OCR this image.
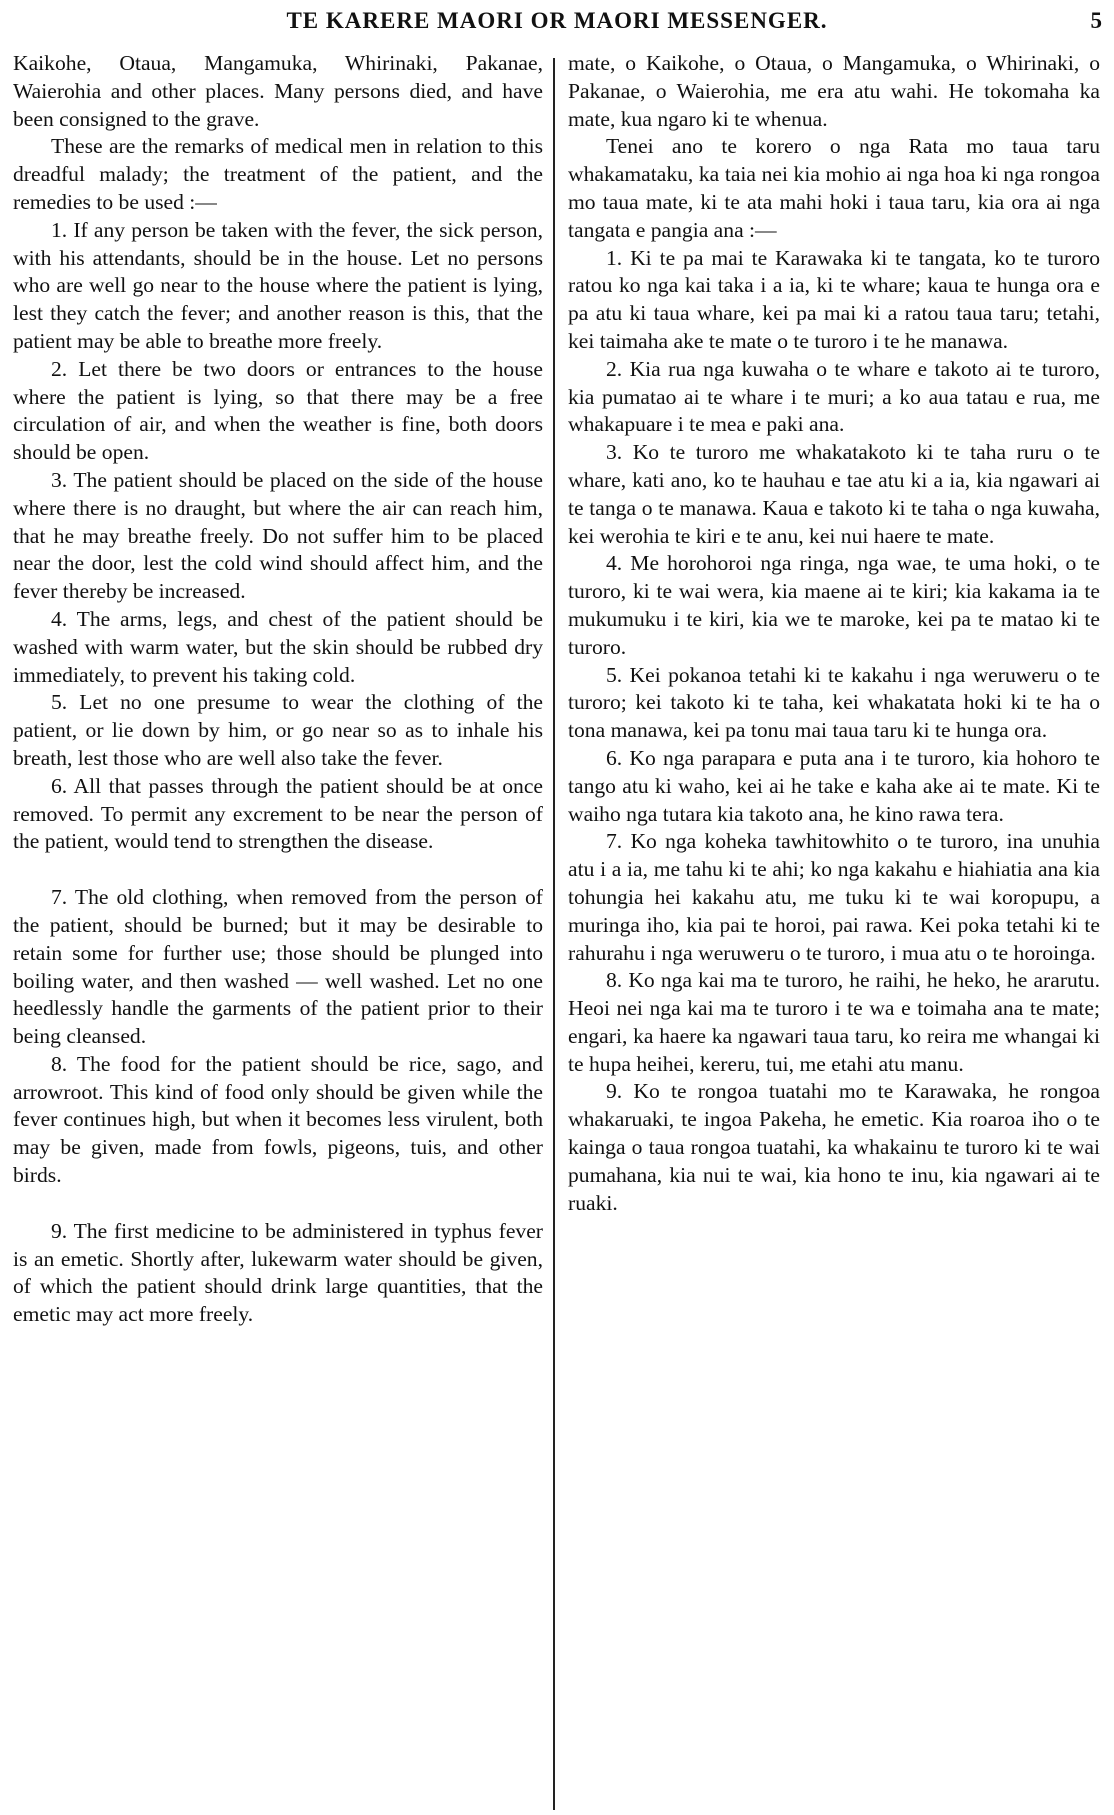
TE KARERE MAORI OR MAORI MESSENGER.	5

Kaikohe, Otaua, Mangamuka, Whirinaki, Pakanae, Waierohia and other places. Many persons died, and have been consigned to the grave.

These are the remarks of medical men in relation to this dreadful malady; the treatment of the patient, and the remedies to be used :—

1. If any person be taken with the fever, the sick person, with his attendants, should be in the house. Let no persons who are well go near to the house where the patient is lying, lest they catch the fever; and another reason is this, that the patient may be able to breathe more freely.

2. Let there be two doors or entrances to the house where the patient is lying, so that there may be a free circulation of air, and when the weather is fine, both doors should be open.

3. The patient should be placed on the side of the house where there is no draught, but where the air can reach him, that he may breathe freely. Do not suffer him to be placed near the door, lest the cold wind should affect him, and the fever thereby be increased.

4. The arms, legs, and chest of the patient should be washed with warm water, but the skin should be rubbed dry immediately, to prevent his taking cold.

5. Let no one presume to wear the clothing of the patient, or lie down by him, or go near so as to inhale his breath, lest those who are well also take the fever.

6. All that passes through the patient should be at once removed. To permit any excrement to be near the person of the patient, would tend to strengthen the disease.

7. The old clothing, when removed from the person of the patient, should be burned; but it may be desirable to retain some for further use; those should be plunged into boiling water, and then washed — well washed. Let no one heedlessly handle the garments of the patient prior to their being cleansed.

8. The food for the patient should be rice, sago, and arrowroot. This kind of food only should be given while the fever continues high, but when it becomes less virulent, both may be given, made from fowls, pigeons, tuis, and other birds.

9. The first medicine to be administered in typhus fever is an emetic. Shortly after, lukewarm water should be given, of which the patient should drink large quantities, that the emetic may act more freely.

mate, o Kaikohe, o Otaua, o Mangamuka, o Whirinaki, o Pakanae, o Waierohia, me era atu wahi. He tokomaha ka mate, kua ngaro ki te whenua.

Tenei ano te korero o nga Rata mo taua taru whakamataku, ka taia nei kia mohio ai nga hoa ki nga rongoa mo taua mate, ki te ata mahi hoki i taua taru, kia ora ai nga tangata e pangia ana :—

1. Ki te pa mai te Karawaka ki te tangata, ko te turoro ratou ko nga kai taka i a ia, ki te whare; kaua te hunga ora e pa atu ki taua whare, kei pa mai ki a ratou taua taru; tetahi, kei taimaha ake te mate o te turoro i te he manawa.

2. Kia rua nga kuwaha o te whare e takoto ai te turoro, kia pumatao ai te whare i te muri; a ko aua tatau e rua, me whakapuare i te mea e paki ana.

3. Ko te turoro me whakatakoto ki te taha ruru o te whare, kati ano, ko te hauhau e tae atu ki a ia, kia ngawari ai te tanga o te manawa. Kaua e takoto ki te taha o nga kuwaha, kei werohia te kiri e te anu, kei nui haere te mate.

4. Me horohoroi nga ringa, nga wae, te uma hoki, o te turoro, ki te wai wera, kia maene ai te kiri; kia kakama ia te mukumuku i te kiri, kia we te maroke, kei pa te matao ki te turoro.

5. Kei pokanoa tetahi ki te kakahu i nga weruweru o te turoro; kei takoto ki te taha, kei whakatata hoki ki te ha o tona manawa, kei pa tonu mai taua taru ki te hunga ora.

6. Ko nga parapara e puta ana i te turoro, kia hohoro te tango atu ki waho, kei ai he take e kaha ake ai te mate. Ki te waiho nga tutara kia takoto ana, he kino rawa tera.

7. Ko nga koheka tawhitowhito o te turoro, ina unuhia atu i a ia, me tahu ki te ahi; ko nga kakahu e hiahiatia ana kia tohungia hei kakahu atu, me tuku ki te wai koropupu, a muringa iho, kia pai te horoi, pai rawa. Kei poka tetahi ki te rahurahu i nga weruweru o te turoro, i mua atu o te horoinga.

8. Ko nga kai ma te turoro, he raihi, he heko, he ararutu. Heoi nei nga kai ma te turoro i te wa e toimaha ana te mate; engari, ka haere ka ngawari taua taru, ko reira me whangai ki te hupa heihei, kereru, tui, me etahi atu manu.

9. Ko te rongoa tuatahi mo te Karawaka, he rongoa whakaruaki, te ingoa Pakeha, he emetic. Kia roaroa iho o te kainga o taua rongoa tuatahi, ka whakainu te turoro ki te wai pumahana, kia nui te wai, kia hono te inu, kia ngawari ai te ruaki.
